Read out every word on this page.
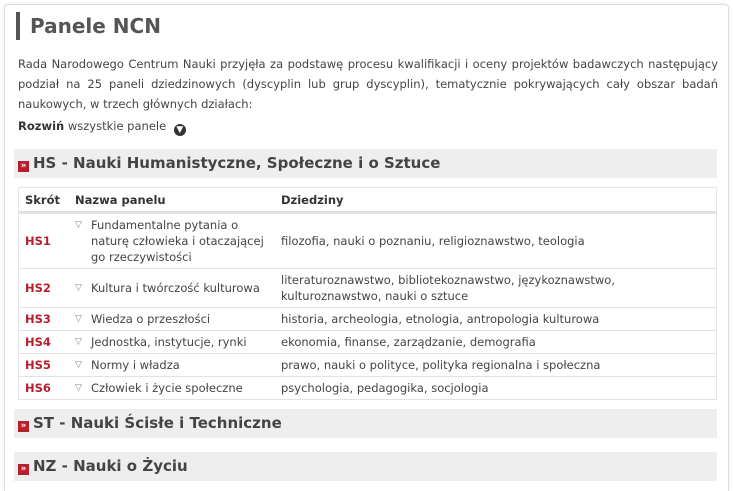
Panele NCN
Rada Narodowego Centrum Nauki przyjęła za podstawę procesu kwalifikacji i oceny projektów badawczych następujący podział na 25 paneli dziedzinowych (dyscyplin lub grup dyscyplin), tematycznie pokrywających cały obszar badań naukowych, w trzech głównych działach:
Rozwiń wszystkie panele ▼
» HS - Nauki Humanistyczne, Społeczne i o Sztuce
Skrót	Nazwa panelu	Dziedziny
HS1	▽ Fundamentalne pytania o naturę człowieka i otaczającej go rzeczywistości	filozofia, nauki o poznaniu, religioznawstwo, teologia
HS2	▽ Kultura i twórczość kulturowa	literaturoznawstwo, bibliotekoznawstwo, językoznawstwo, kulturoznawstwo, nauki o sztuce
HS3	▽ Wiedza o przeszłości	historia, archeologia, etnologia, antropologia kulturowa
HS4	▽ Jednostka, instytucje, rynki	ekonomia, finanse, zarządzanie, demografia
HS5	▽ Normy i władza	prawo, nauki o polityce, polityka regionalna i społeczna
HS6	▽ Człowiek i życie społeczne	psychologia, pedagogika, socjologia
» ST - Nauki Ścisłe i Techniczne
» NZ - Nauki o Życiu
